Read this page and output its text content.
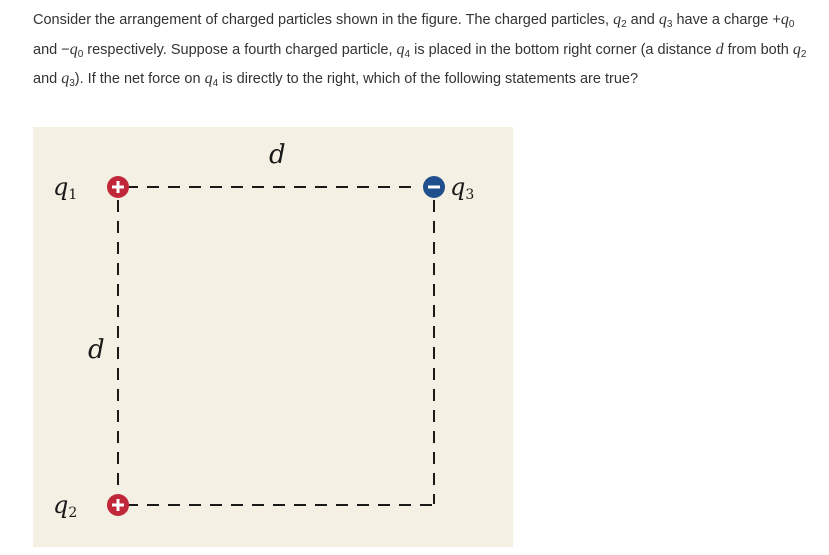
Consider the arrangement of charged particles shown in the figure. The charged particles, $q_2$ and $q_3$ have a charge $+q_0$ and $-q_0$ respectively. Suppose a fourth charged particle, $q_4$ is placed in the bottom right corner (a distance d from both $q_2$ and $q_3$). If the net force on $q_4$ is directly to the right, which of the following statements are true?

q1
q2
q3
d
d
